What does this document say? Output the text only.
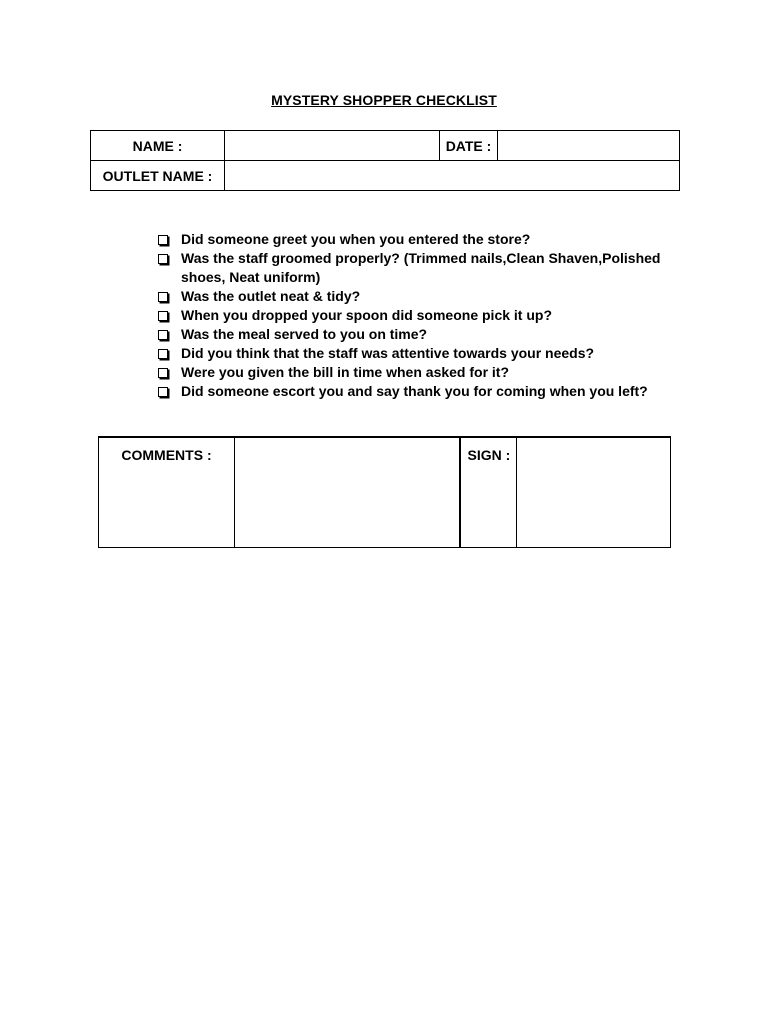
MYSTERY SHOPPER CHECKLIST
NAME :		DATE :	
OUTLET NAME :			
Did someone greet you when you entered the store?
Was the staff groomed properly? (Trimmed nails,Clean Shaven,Polished shoes, Neat uniform)
Was the outlet neat & tidy?
When you dropped your spoon did someone pick it up?
Was the meal served to you on time?
Did you think that the staff was attentive towards your needs?
Were you given the bill in time when asked for it?
Did someone escort you and say thank you for coming when you left?
COMMENTS :		SIGN :
